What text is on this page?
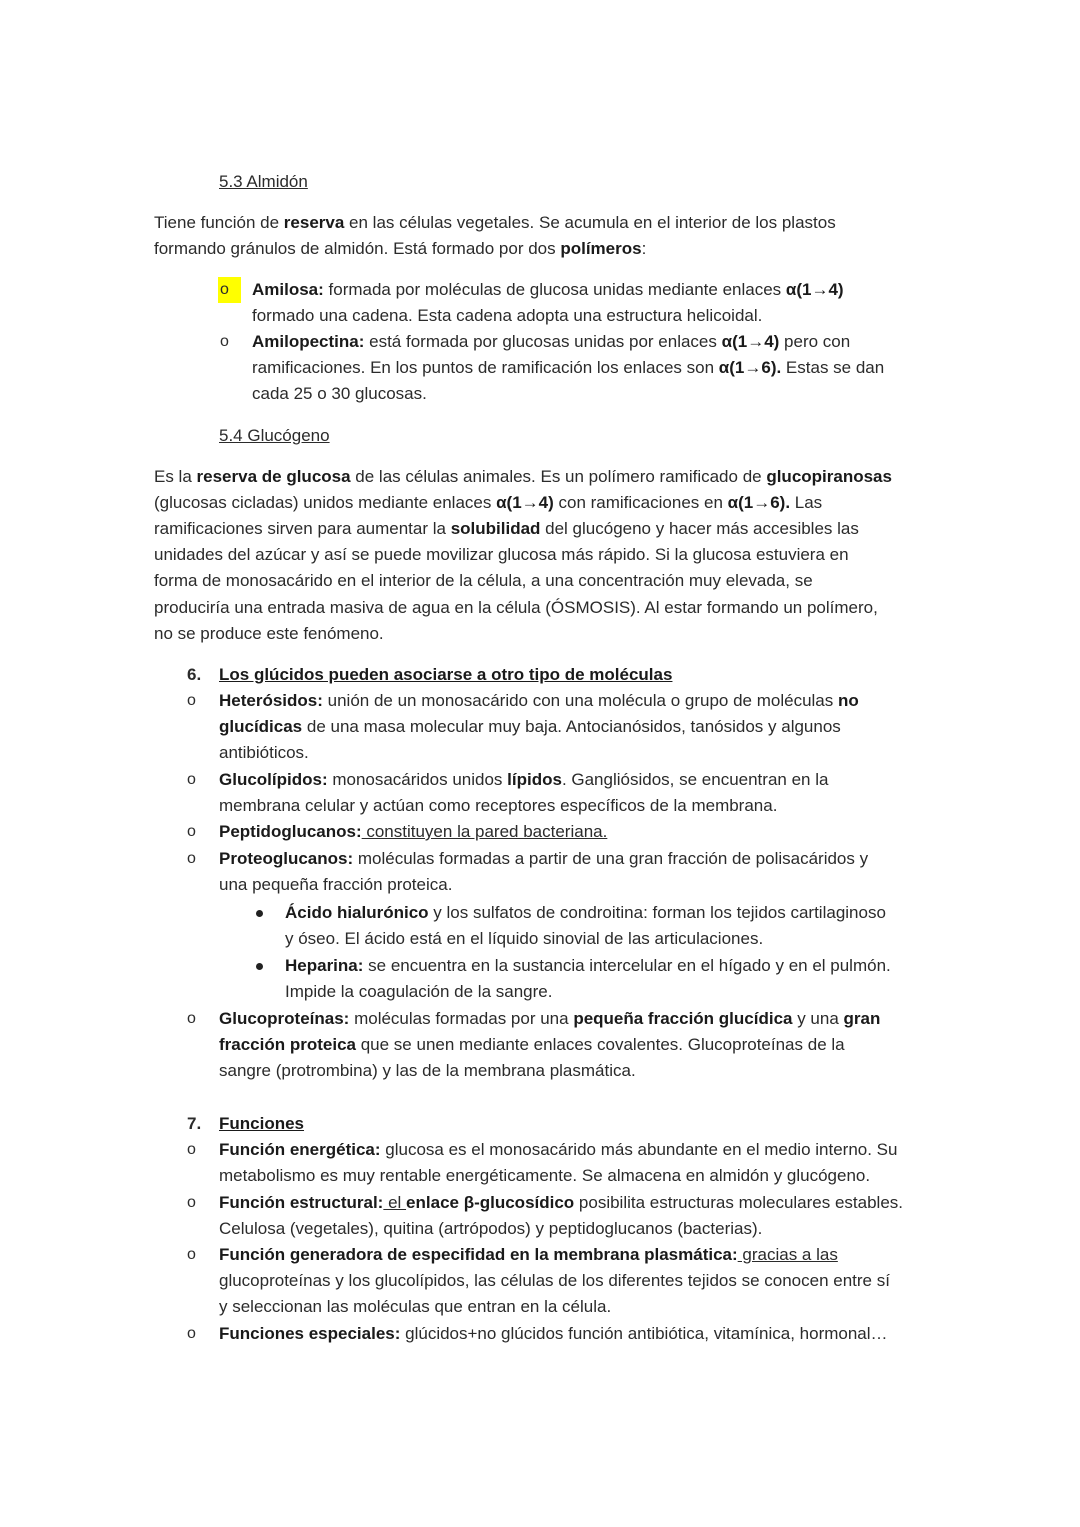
5.3 Almidón
Tiene función de reserva en las células vegetales. Se acumula en el interior de los plastos
formando gránulos de almidón. Está formado por dos polímeros:
o	Amilosa: formada por moléculas de glucosa unidas mediante enlaces α(1→4)
formado una cadena. Esta cadena adopta una estructura helicoidal.
o Amilopectina: está formada por glucosas unidas por enlaces α(1→4) pero con
ramificaciones. En los puntos de ramificación los enlaces son α(1→6). Estas se dan
cada 25 o 30 glucosas.
5.4 Glucógeno
Es la reserva de glucosa de las células animales. Es un polímero ramificado de glucopiranosas
(glucosas cicladas) unidos mediante enlaces α(1→4) con ramificaciones en α(1→6). Las
ramificaciones sirven para aumentar la solubilidad del glucógeno y hacer más accesibles las
unidades del azúcar y así se puede movilizar glucosa más rápido. Si la glucosa estuviera en
forma de monosacárido en el interior de la célula, a una concentración muy elevada, se
produciría una entrada masiva de agua en la célula (ÓSMOSIS). Al estar formando un polímero,
no se produce este fenómeno.
6. Los glúcidos pueden asociarse a otro tipo de moléculas
o Heterósidos: unión de un monosacárido con una molécula o grupo de moléculas no
glucídicas de una masa molecular muy baja. Antocianósidos, tanósidos y algunos
antibióticos.
o Glucolípidos: monosacáridos unidos lípidos. Gangliósidos, se encuentran en la
membrana celular y actúan como receptores específicos de la membrana.
o Peptidoglucanos: constituyen la pared bacteriana.
o Proteoglucanos: moléculas formadas a partir de una gran fracción de polisacáridos y
una pequeña fracción proteica.
Ácido hialurónico y los sulfatos de condroitina: forman los tejidos cartilaginoso
y óseo. El ácido está en el líquido sinovial de las articulaciones.
Heparina: se encuentra en la sustancia intercelular en el hígado y en el pulmón.
Impide la coagulación de la sangre.
o Glucoproteínas: moléculas formadas por una pequeña fracción glucídica y una gran
fracción proteica que se unen mediante enlaces covalentes. Glucoproteínas de la
sangre (protrombina) y las de la membrana plasmática.
7. Funciones
o Función energética: glucosa es el monosacárido más abundante en el medio interno. Su
metabolismo es muy rentable energéticamente. Se almacena en almidón y glucógeno.
o Función estructural: el enlace β-glucosídico posibilita estructuras moleculares estables.
Celulosa (vegetales), quitina (artrópodos) y peptidoglucanos (bacterias).
o Función generadora de especifidad en la membrana plasmática: gracias a las
glucoproteínas y los glucolípidos, las células de los diferentes tejidos se conocen entre sí
y seleccionan las moléculas que entran en la célula.
o Funciones especiales: glúcidos+no glúcidos función antibiótica, vitamínica, hormonal…
